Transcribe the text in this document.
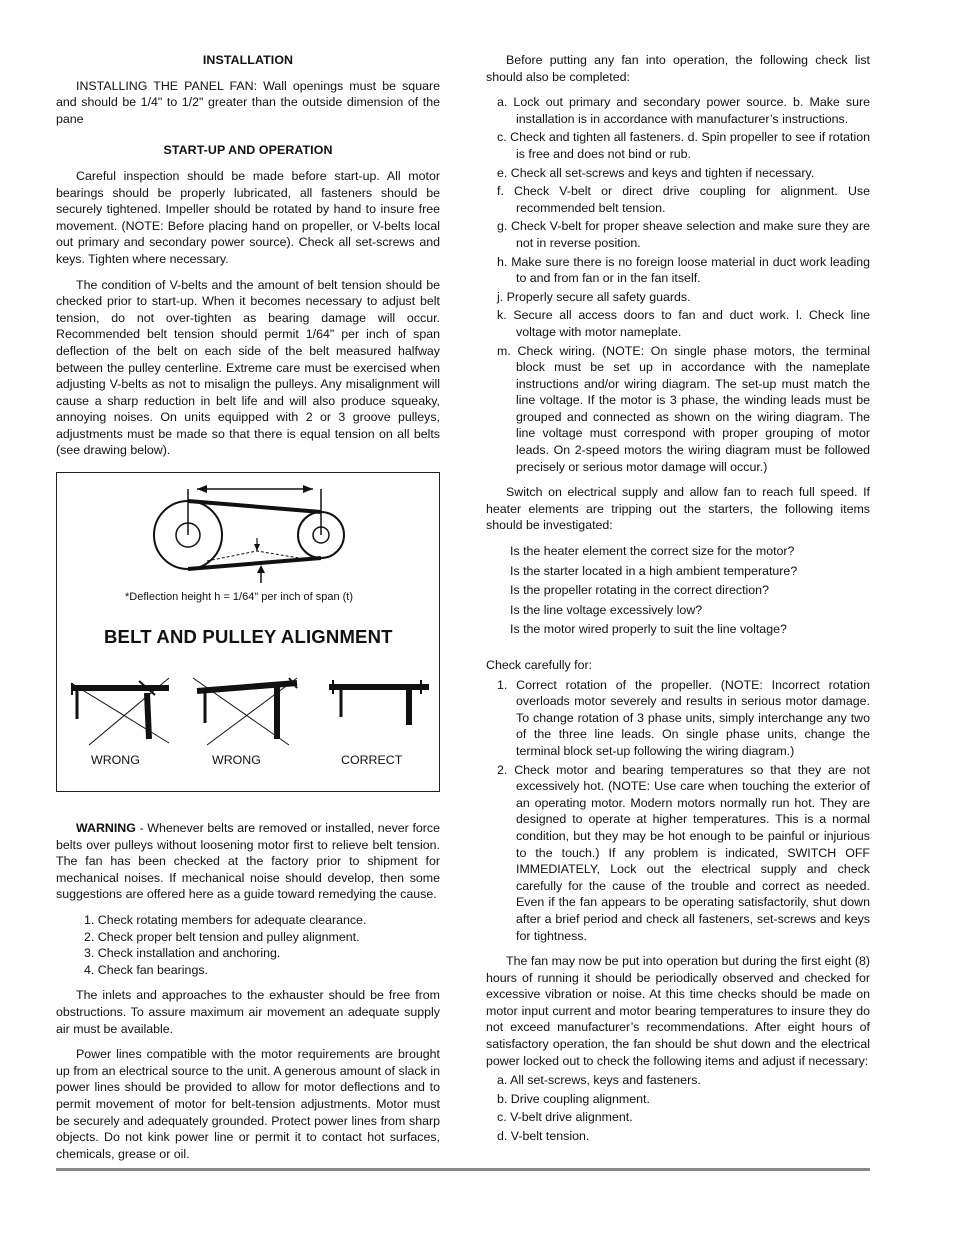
INSTALLATION

INSTALLING THE PANEL FAN: Wall openings must be square and should be 1/4" to 1/2" greater than the outside dimension of the pane

START-UP AND OPERATION

Careful inspection should be made before start-up. All motor bearings should be properly lubricated, all fasteners should be securely tightened. Impeller should be rotated by hand to insure free movement. (NOTE: Before placing hand on propeller, or V-belts local out primary and secondary power source). Check all set-screws and keys. Tighten where necessary.

The condition of V-belts and the amount of belt tension should be checked prior to start-up. When it becomes necessary to adjust belt tension, do not over-tighten as bearing damage will occur. Recommended belt tension should permit 1/64" per inch of span deflection of the belt on each side of the belt measured halfway between the pulley centerline. Extreme care must be exercised when adjusting V-belts as not to misalign the pulleys. Any misalignment will cause a sharp reduction in belt life and will also produce squeaky, annoying noises. On units equipped with 2 or 3 groove pulleys, adjustments must be made so that there is equal tension on all belts (see drawing below).

*Deflection height h = 1/64" per inch of span (t)
BELT AND PULLEY ALIGNMENT
WRONG	WRONG	CORRECT

WARNING - Whenever belts are removed or installed, never force belts over pulleys without loosening motor first to relieve belt tension. The fan has been checked at the factory prior to shipment for mechanical noises. If mechanical noise should develop, then some suggestions are offered here as a guide toward remedying the cause.

1. Check rotating members for adequate clearance.
2. Check proper belt tension and pulley alignment.
3. Check installation and anchoring.
4. Check fan bearings.

The inlets and approaches to the exhauster should be free from obstructions. To assure maximum air movement an adequate supply air must be available.

Power lines compatible with the motor requirements are brought up from an electrical source to the unit. A generous amount of slack in power lines should be provided to allow for motor deflections and to permit movement of motor for belt-tension adjustments. Motor must be securely and adequately grounded. Protect power lines from sharp objects. Do not kink power line or permit it to contact hot surfaces, chemicals, grease or oil.

Before putting any fan into operation, the following check list should also be completed:

a. Lock out primary and secondary power source. b. Make sure installation is in accordance with manufacturer’s instructions.
c. Check and tighten all fasteners. d. Spin propeller to see if rotation is free and does not bind or rub.
e. Check all set-screws and keys and tighten if necessary.
f. Check V-belt or direct drive coupling for alignment. Use recommended belt tension.
g. Check V-belt for proper sheave selection and make sure they are not in reverse position.
h. Make sure there is no foreign loose material in duct work leading to and from fan or in the fan itself.
j. Properly secure all safety guards.
k. Secure all access doors to fan and duct work. l. Check line voltage with motor nameplate.
m. Check wiring. (NOTE: On single phase motors, the terminal block must be set up in accordance with the nameplate instructions and/or wiring diagram. The set-up must match the line voltage. If the motor is 3 phase, the winding leads must be grouped and connected as shown on the wiring diagram. The line voltage must correspond with proper grouping of motor leads. On 2-speed motors the wiring diagram must be followed precisely or serious motor damage will occur.)

Switch on electrical supply and allow fan to reach full speed. If heater elements are tripping out the starters, the following items should be investigated:

Is the heater element the correct size for the motor?
Is the starter located in a high ambient temperature?
Is the propeller rotating in the correct direction?
Is the line voltage excessively low?
Is the motor wired properly to suit the line voltage?

Check carefully for:

1. Correct rotation of the propeller. (NOTE: Incorrect rotation overloads motor severely and results in serious motor damage. To change rotation of 3 phase units, simply interchange any two of the three line leads. On single phase units, change the terminal block set-up following the wiring diagram.)
2. Check motor and bearing temperatures so that they are not excessively hot. (NOTE: Use care when touching the exterior of an operating motor. Modern motors normally run hot. They are designed to operate at higher temperatures. This is a normal condition, but they may be hot enough to be painful or injurious to the touch.) If any problem is indicated, SWITCH OFF IMMEDIATELY, Lock out the electrical supply and check carefully for the cause of the trouble and correct as needed. Even if the fan appears to be operating satisfactorily, shut down after a brief period and check all fasteners, set-screws and keys for tightness.

The fan may now be put into operation but during the first eight (8) hours of running it should be periodically observed and checked for excessive vibration or noise. At this time checks should be made on motor input current and motor bearing temperatures to insure they do not exceed manufacturer’s recommendations. After eight hours of satisfactory operation, the fan should be shut down and the electrical power locked out to check the following items and adjust if necessary:

a. All set-screws, keys and fasteners.
b. Drive coupling alignment.
c. V-belt drive alignment.
d. V-belt tension.
